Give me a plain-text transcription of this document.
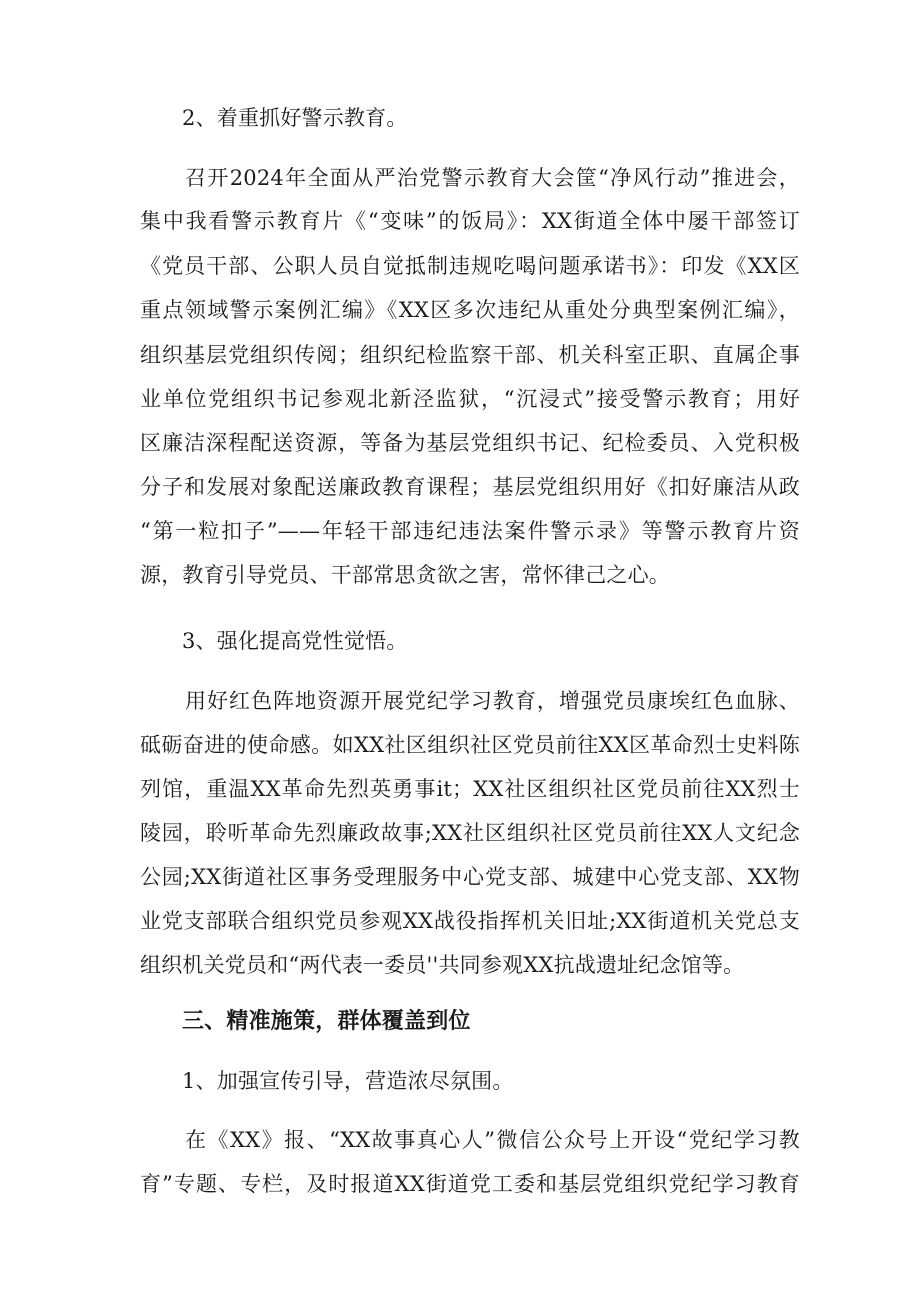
2、着重抓好警示教育。
召开2024年全面从严治党警示教育大会筐“净风行动”推进会，
集中我看警示教育片《“变味”的饭局》：XX街道全体中屡干部签订
《党员干部、公职人员自觉抵制违规吃喝问题承诺书》：印发《XX区
重点领域警示案例汇编》《XX区多次违纪从重处分典型案例汇编》，
组织基层党组织传阅；组织纪检监察干部、机关科室正职、直属企事
业单位党组织书记参观北新泾监狱，“沉浸式”接受警示教育；用好
区廉洁深程配送资源，等备为基层党组织书记、纪检委员、入党积极
分子和发展对象配送廉政教育课程；基层党组织用好《扣好廉洁从政
“第一粒扣子”——年轻干部违纪违法案件警示录》等警示教育片资
源，教育引导党员、干部常思贪欲之害，常怀律己之心。
3、强化提高党性觉悟。
用好红色阵地资源开展党纪学习教育，增强党员康埃红色血脉、
砥砺奋进的使命感。如XX社区组织社区党员前往XX区革命烈士史料陈
列馆，重温XX革命先烈英勇事it；XX社区组织社区党员前往XX烈士
陵园，聆听革命先烈廉政故事;XX社区组织社区党员前往XX人文纪念
公园;XX街道社区事务受理服务中心党支部、城建中心党支部、XX物
业党支部联合组织党员参观XX战役指挥机关旧址;XX街道机关党总支
组织机关党员和“两代表一委员''共同参观XX抗战遗址纪念馆等。
三、精准施策，群体覆盖到位
1、加强宣传引导，营造浓尽氛围。
在《XX》报、“XX故事真心人”微信公众号上开设“党纪学习教
育”专题、专栏，及时报道XX街道党工委和基层党组织党纪学习教育
